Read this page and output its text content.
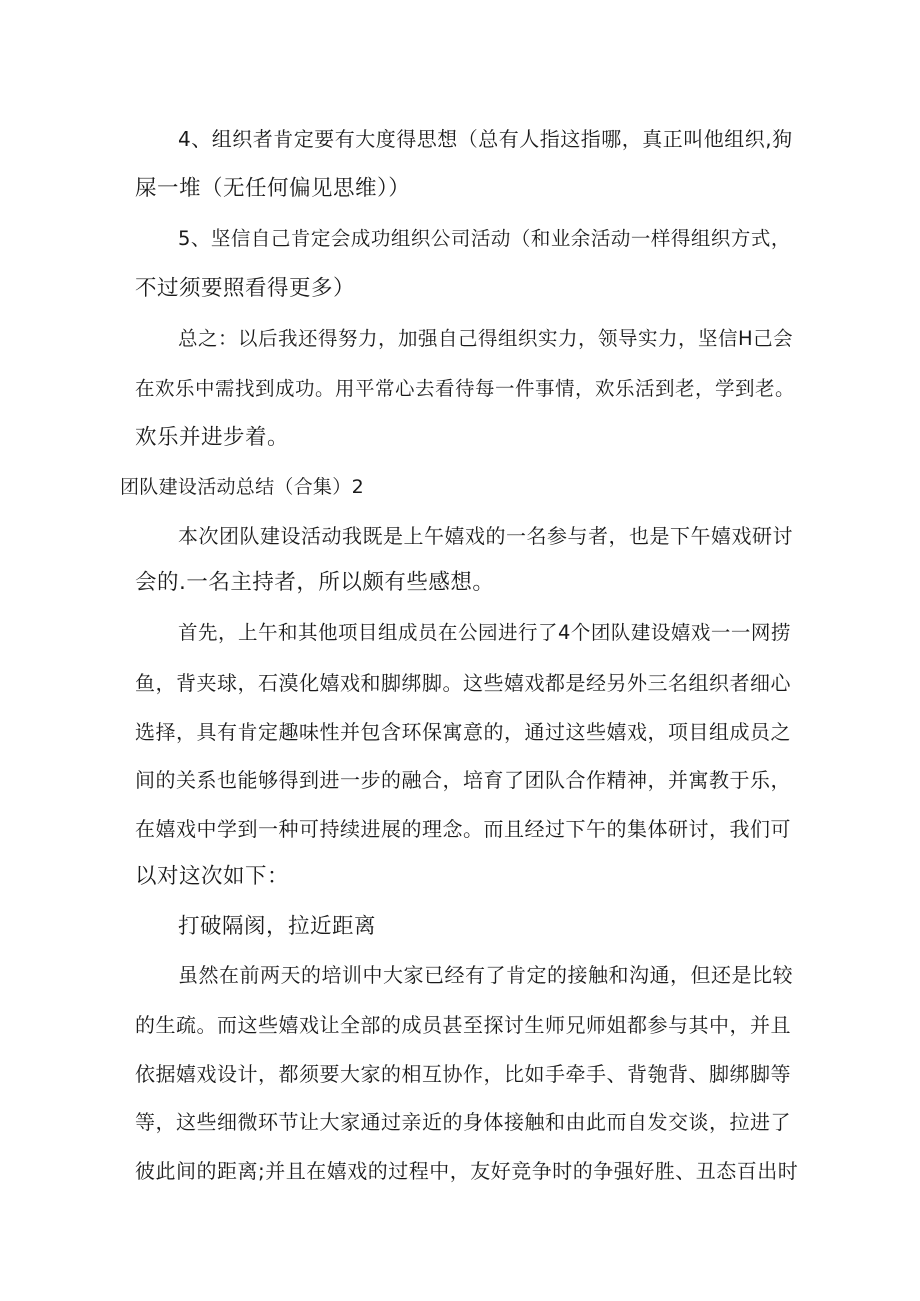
4、组织者肯定要有大度得思想（总有人指这指哪，真正叫他组织,狗
屎一堆（无任何偏见思维））
5、坚信自己肯定会成功组织公司活动（和业余活动一样得组织方式，
不过须要照看得更多）
总之：以后我还得努力，加强自己得组织实力，领导实力，坚信H己会
在欢乐中需找到成功。用平常心去看待每一件事情，欢乐活到老，学到老。
欢乐并进步着。
团队建设活动总结（合集）2
本次团队建设活动我既是上午嬉戏的一名参与者，也是下午嬉戏研讨
会的.一名主持者，所以颇有些感想。
首先，上午和其他项目组成员在公园进行了4个团队建设嬉戏一一网捞
鱼，背夹球，石漠化嬉戏和脚绑脚。这些嬉戏都是经另外三名组织者细心
选择，具有肯定趣味性并包含环保寓意的，通过这些嬉戏，项目组成员之
间的关系也能够得到进一步的融合，培育了团队合作精神，并寓教于乐，
在嬉戏中学到一种可持续进展的理念。而且经过下午的集体研讨，我们可
以对这次如下：
打破隔阂，拉近距离
虽然在前两天的培训中大家已经有了肯定的接触和沟通，但还是比较
的生疏。而这些嬉戏让全部的成员甚至探讨生师兄师姐都参与其中，并且
依据嬉戏设计，都须要大家的相互协作，比如手牵手、背匏背、脚绑脚等
等，这些细微环节让大家通过亲近的身体接触和由此而自发交谈，拉进了
彼此间的距离;并且在嬉戏的过程中，友好竞争时的争强好胜、丑态百出时
